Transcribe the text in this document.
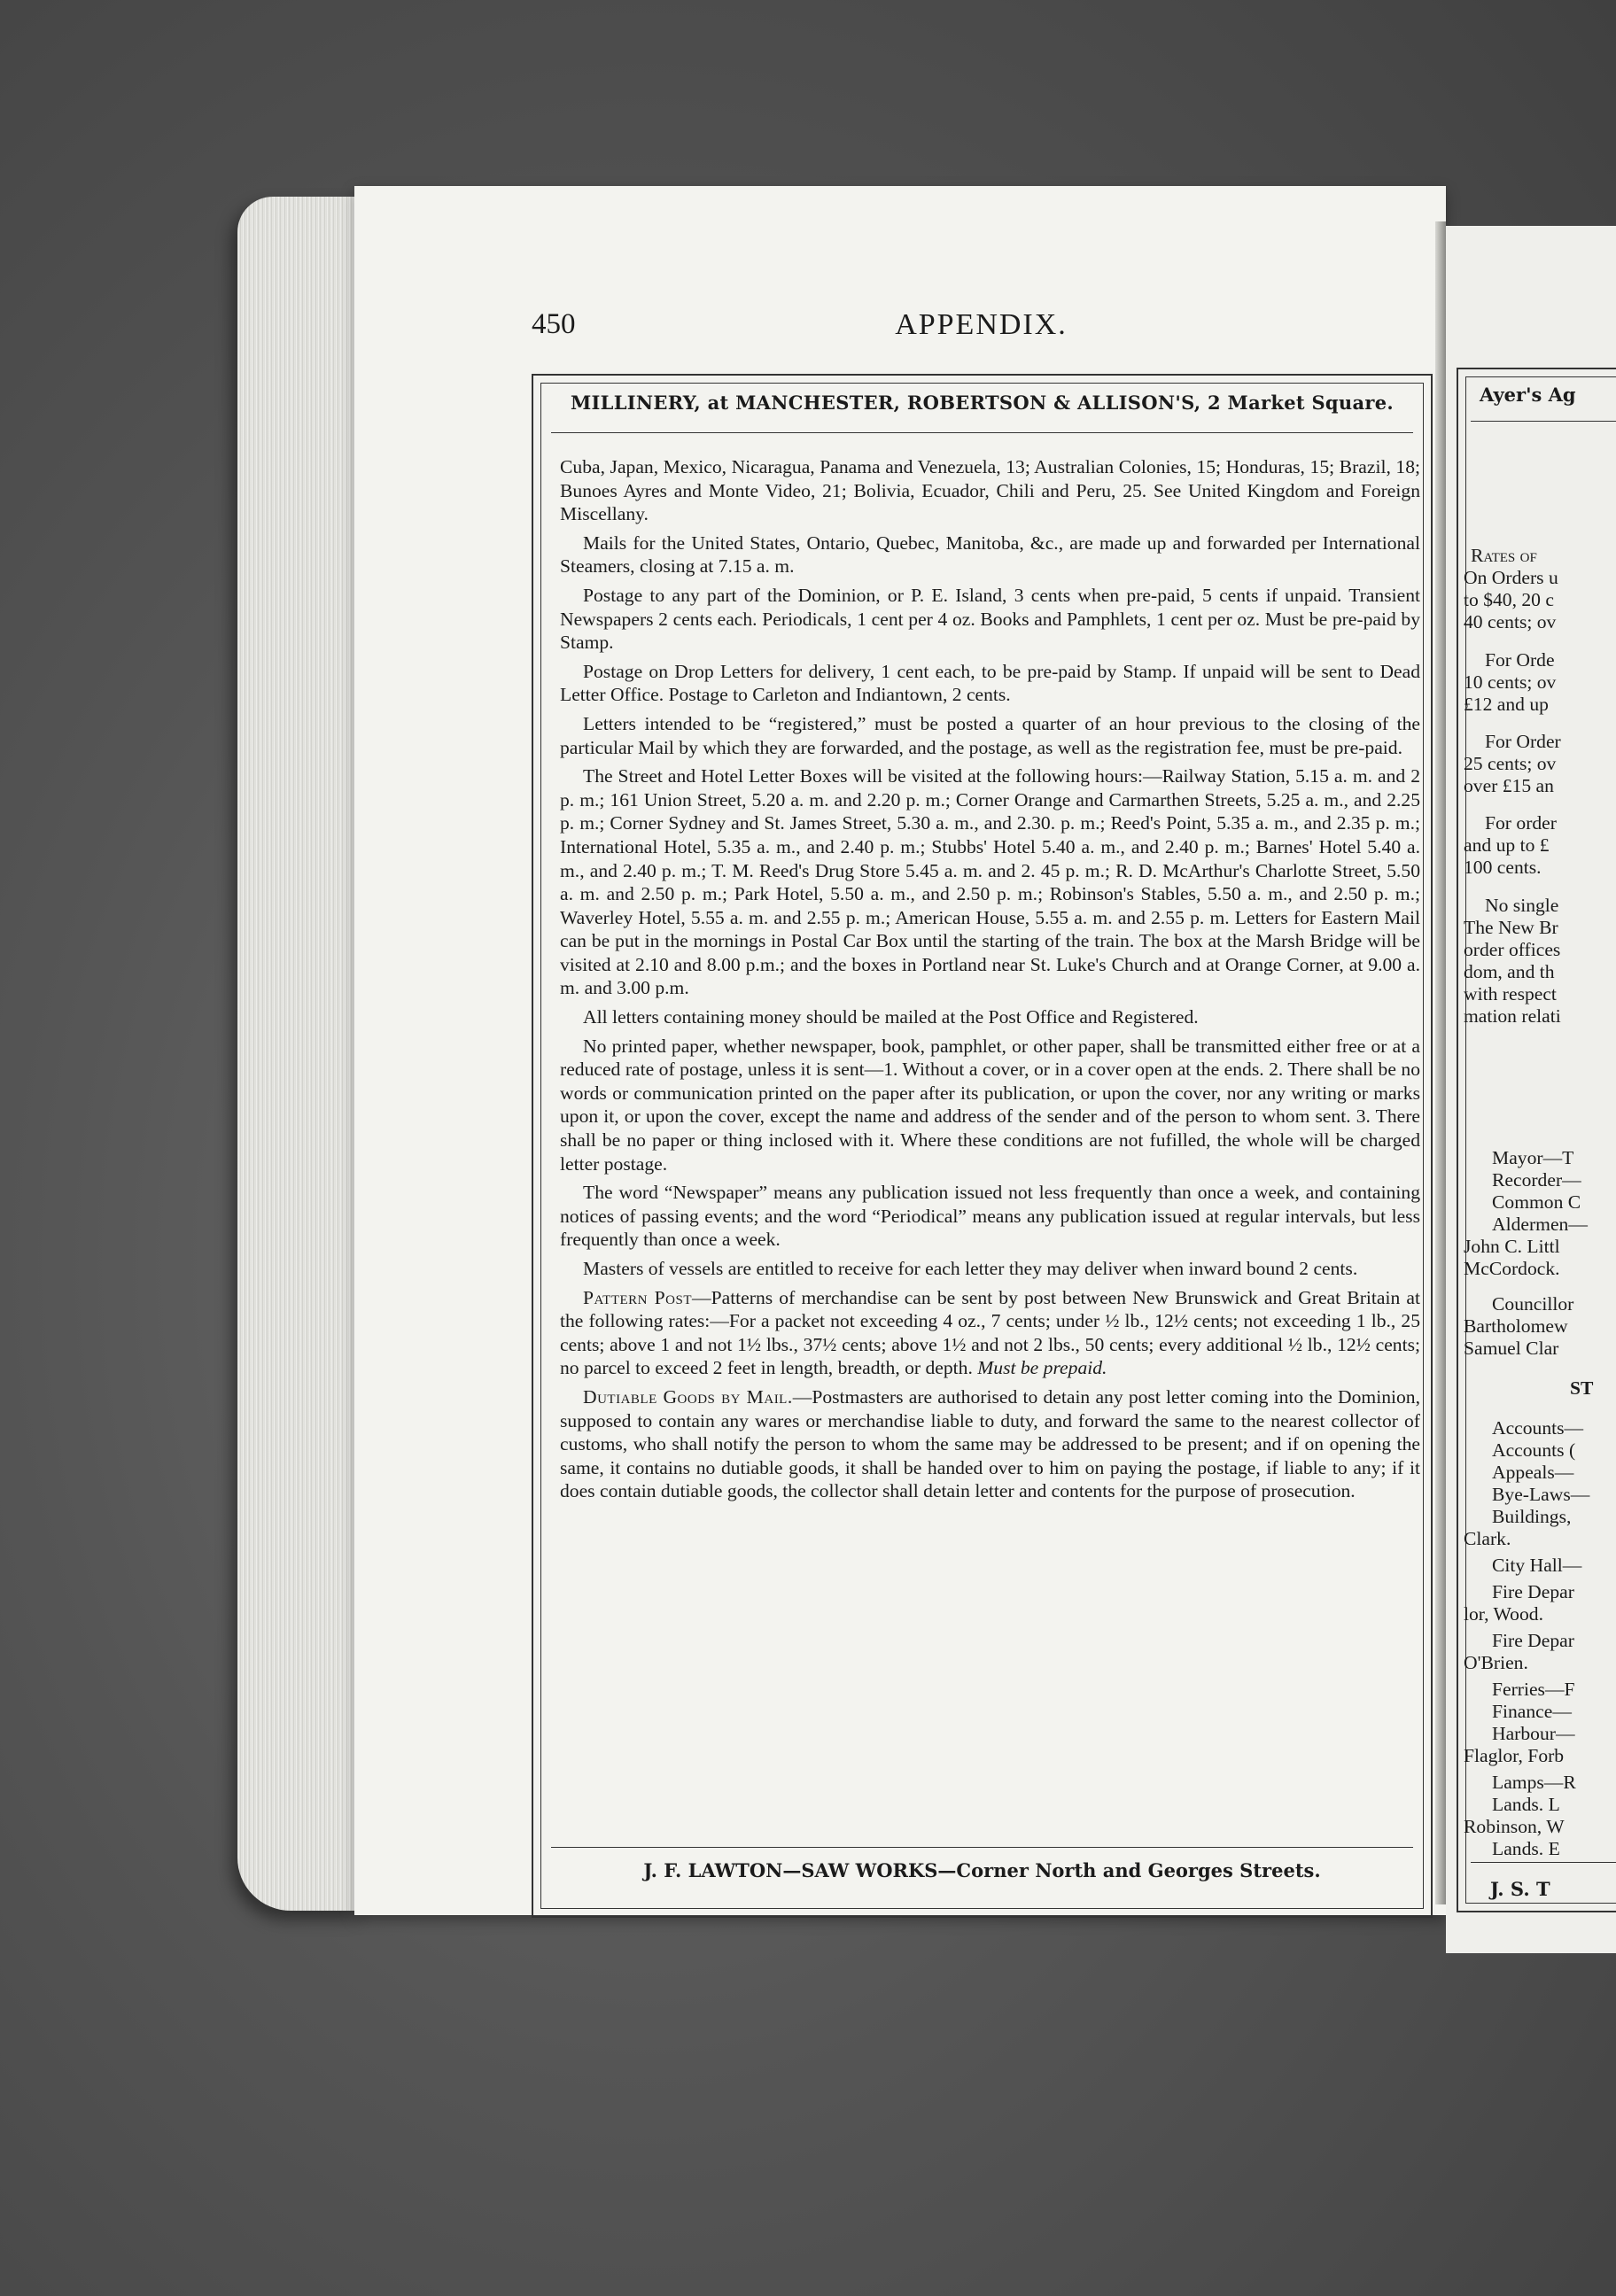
450	APPENDIX.
MILLINERY, at MANCHESTER, ROBERTSON & ALLISON'S, 2 Market Square.

Cuba, Japan, Mexico, Nicaragua, Panama and Venezuela, 13; Australian Colonies, 15; Honduras, 15; Brazil, 18; Bunoes Ayres and Monte Video, 21; Bolivia, Ecuador, Chili and Peru, 25. See United Kingdom and Foreign Miscellany.

Mails for the United States, Ontario, Quebec, Manitoba, &c., are made up and forwarded per International Steamers, closing at 7.15 a. m.

Postage to any part of the Dominion, or P. E. Island, 3 cents when pre-paid, 5 cents if unpaid. Transient Newspapers 2 cents each. Periodicals, 1 cent per 4 oz. Books and Pamphlets, 1 cent per oz. Must be pre-paid by Stamp.

Postage on Drop Letters for delivery, 1 cent each, to be pre-paid by Stamp. If unpaid will be sent to Dead Letter Office. Postage to Carleton and Indiantown, 2 cents.

Letters intended to be “registered,” must be posted a quarter of an hour previous to the closing of the particular Mail by which they are forwarded, and the postage, as well as the registration fee, must be pre-paid.

The Street and Hotel Letter Boxes will be visited at the following hours:—Railway Station, 5.15 a. m. and 2 p. m.; 161 Union Street, 5.20 a. m. and 2.20 p. m.; Corner Orange and Carmarthen Streets, 5.25 a. m., and 2.25 p. m.; Corner Sydney and St. James Street, 5.30 a. m., and 2.30. p. m.; Reed's Point, 5.35 a. m., and 2.35 p. m.; International Hotel, 5.35 a. m., and 2.40 p. m.; Stubbs' Hotel 5.40 a. m., and 2.40 p. m.; Barnes' Hotel 5.40 a. m., and 2.40 p. m.; T. M. Reed's Drug Store 5.45 a. m. and 2. 45 p. m.; R. D. McArthur's Charlotte Street, 5.50 a. m. and 2.50 p. m.; Park Hotel, 5.50 a. m., and 2.50 p. m.; Robinson's Stables, 5.50 a. m., and 2.50 p. m.; Waverley Hotel, 5.55 a. m. and 2.55 p. m.; American House, 5.55 a. m. and 2.55 p. m. Letters for Eastern Mail can be put in the mornings in Postal Car Box until the starting of the train. The box at the Marsh Bridge will be visited at 2.10 and 8.00 p.m.; and the boxes in Portland near St. Luke's Church and at Orange Corner, at 9.00 a. m. and 3.00 p.m.

All letters containing money should be mailed at the Post Office and Registered.

No printed paper, whether newspaper, book, pamphlet, or other paper, shall be transmitted either free or at a reduced rate of postage, unless it is sent—1. Without a cover, or in a cover open at the ends. 2. There shall be no words or communication printed on the paper after its publication, or upon the cover, nor any writing or marks upon it, or upon the cover, except the name and address of the sender and of the person to whom sent. 3. There shall be no paper or thing inclosed with it. Where these conditions are not fufilled, the whole will be charged letter postage.

The word “Newspaper” means any publication issued not less frequently than once a week, and containing notices of passing events; and the word “Periodical” means any publication issued at regular intervals, but less frequently than once a week.

Masters of vessels are entitled to receive for each letter they may deliver when inward bound 2 cents.

Pattern Post—Patterns of merchandise can be sent by post between New Brunswick and Great Britain at the following rates:—For a packet not exceeding 4 oz., 7 cents; under ½ lb., 12½ cents; not exceeding 1 lb., 25 cents; above 1 and not 1½ lbs., 37½ cents; above 1½ and not 2 lbs., 50 cents; every additional ½ lb., 12½ cents; no parcel to exceed 2 feet in length, breadth, or depth. Must be prepaid.

Dutiable Goods by Mail.—Postmasters are authorised to detain any post letter coming into the Dominion, supposed to contain any wares or merchandise liable to duty, and forward the same to the nearest collector of customs, who shall notify the person to whom the same may be addressed to be present; and if on opening the same, it contains no dutiable goods, it shall be handed over to him on paying the postage, if liable to any; if it does contain dutiable goods, the collector shall detain letter and contents for the purpose of prosecution.

J. F. LAWTON—SAW WORKS—Corner North and Georges Streets.
Ayer's Ag
Rates of
On Orders u
to $40, 20 c
40 cents; ov
For Orde
10 cents; ov
£12 and up
For Order
25 cents; ov
over £15 an
For order
and up to £
100 cents.
No single
The New Br
order offices
dom, and th
with respect
mation relati
Mayor—T
Recorder—
Common C
Aldermen—
John C. Littl
McCordock.
Councillor
Bartholomew
Samuel Clar
ST
Accounts—
Accounts (
Appeals—
Bye-Laws—
Buildings,
Clark.
City Hall—
Fire Depar
lor, Wood.
Fire Depar
O'Brien.
Ferries—F
Finance—
Harbour—
Flaglor, Forb
Lamps—R
Lands. L
Robinson, W
Lands. E
J. S. T
